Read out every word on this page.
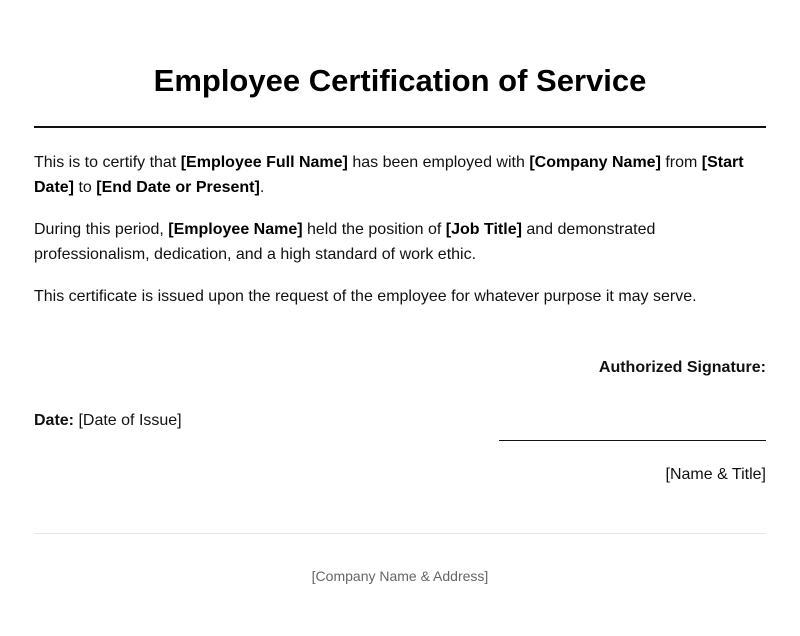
Employee Certification of Service

This is to certify that [Employee Full Name] has been employed with [Company Name] from [Start Date] to [End Date or Present].

During this period, [Employee Name] held the position of [Job Title] and demonstrated professionalism, dedication, and a high standard of work ethic.

This certificate is issued upon the request of the employee for whatever purpose it may serve.

Authorized Signature:
Date: [Date of Issue]
[Name & Title]
[Company Name & Address]
